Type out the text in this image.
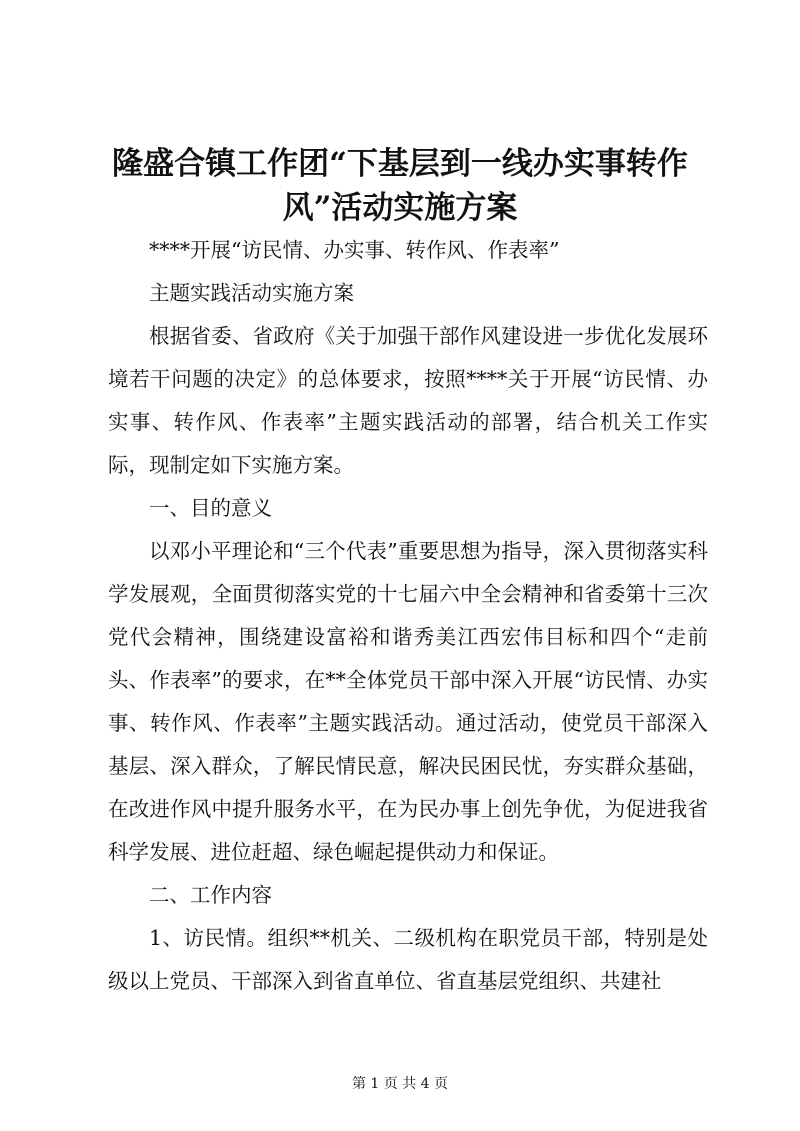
隆盛合镇工作团“下基层到一线办实事转作
风”活动实施方案
****开展“访民情、办实事、转作风、作表率”
主题实践活动实施方案
根据省委、省政府《关于加强干部作风建设进一步优化发展环境若干问题的决定》的总体要求，按照****关于开展“访民情、办实事、转作风、作表率”主题实践活动的部署，结合机关工作实际，现制定如下实施方案。
一、目的意义
以邓小平理论和“三个代表”重要思想为指导，深入贯彻落实科学发展观，全面贯彻落实党的十七届六中全会精神和省委第十三次党代会精神，围绕建设富裕和谐秀美江西宏伟目标和四个“走前头、作表率”的要求，在**全体党员干部中深入开展“访民情、办实事、转作风、作表率”主题实践活动。通过活动，使党员干部深入基层、深入群众，了解民情民意，解决民困民忧，夯实群众基础，在改进作风中提升服务水平，在为民办事上创先争优，为促进我省科学发展、进位赶超、绿色崛起提供动力和保证。
二、工作内容
1、访民情。组织**机关、二级机构在职党员干部，特别是处级以上党员、干部深入到省直单位、省直基层党组织、共建社
第 1 页 共 4 页
